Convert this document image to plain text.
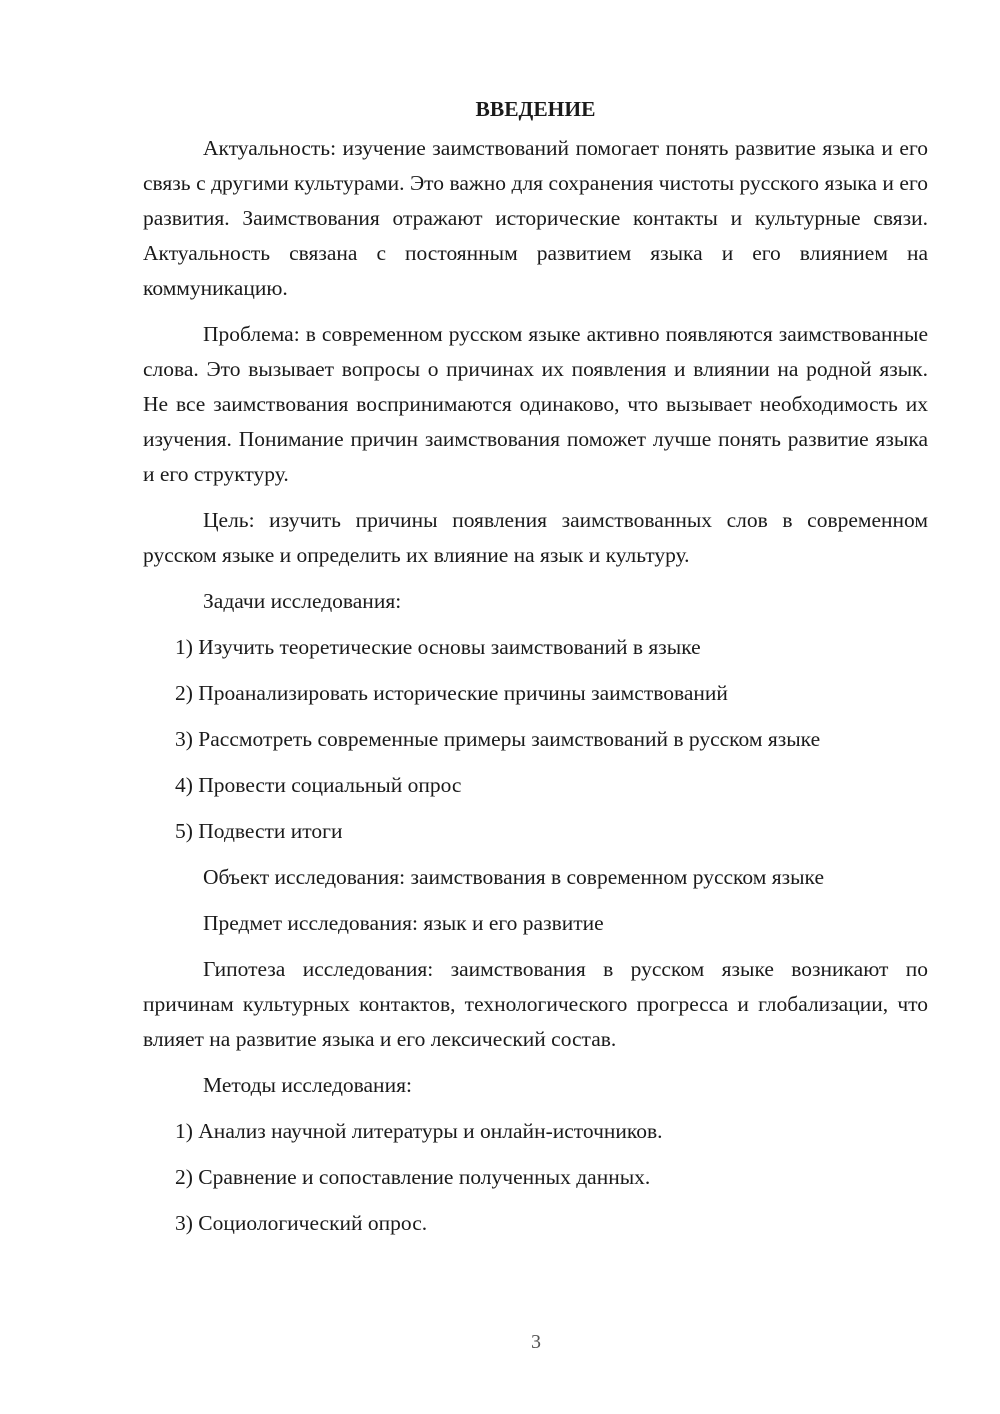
ВВЕДЕНИЕ

Актуальность: изучение заимствований помогает понять развитие языка и его связь с другими культурами. Это важно для сохранения чистоты русского языка и его развития. Заимствования отражают исторические контакты и культурные связи. Актуальность связана с постоянным развитием языка и его влиянием на коммуникацию.

Проблема: в современном русском языке активно появляются заимствованные слова. Это вызывает вопросы о причинах их появления и влиянии на родной язык. Не все заимствования воспринимаются одинаково, что вызывает необходимость их изучения. Понимание причин заимствования поможет лучше понять развитие языка и его структуру.

Цель: изучить причины появления заимствованных слов в современном русском языке и определить их влияние на язык и культуру.

Задачи исследования:
1) Изучить теоретические основы заимствований в языке
2) Проанализировать исторические причины заимствований
3) Рассмотреть современные примеры заимствований в русском языке
4) Провести социальный опрос
5) Подвести итоги
Объект исследования: заимствования в современном русском языке
Предмет исследования: язык и его развитие

Гипотеза исследования: заимствования в русском языке возникают по причинам культурных контактов, технологического прогресса и глобализации, что влияет на развитие языка и его лексический состав.

Методы исследования:
1) Анализ научной литературы и онлайн-источников.
2) Сравнение и сопоставление полученных данных.
3) Социологический опрос.
3
